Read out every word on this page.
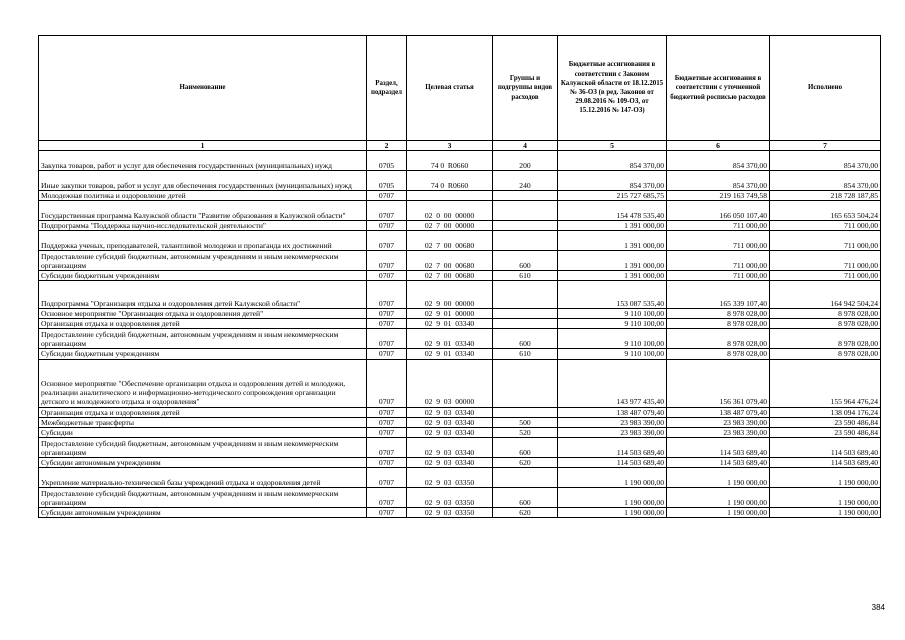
Наименование	Раздел, подраздел	Целевая статья	Группы и подгруппы видов расходов	Бюджетные ассигнования в соответствии с Законом Калужской области от 18.12.2015 № 36-ОЗ (в ред. Законов от 29.08.2016 № 109-ОЗ, от 15.12.2016 № 147-ОЗ)	Бюджетные ассигнования в соответствии с уточненной бюджетной росписью расходов	Исполнено
1	2	3	4	5	6	7
Закупка товаров, работ и услуг для обеспечения государственных (муниципальных) нужд	0705	74 0  R0660	200	854 370,00	854 370,00	854 370,00
Иные закупки товаров, работ и услуг для обеспечения государственных (муниципальных) нужд	0705	74 0  R0660	240	854 370,00	854 370,00	854 370,00
Молодежная политика и оздоровление детей	0707			215 727 685,75	219 163 749,58	218 728 187,85
Государственная программа Калужской области "Развитие образования в Калужской области"	0707	02  0  00  00000		154 478 535,40	166 050 107,40	165 653 504,24
Подпрограмма "Поддержка научно-исследовательской деятельности"	0707	02  7  00  00000		1 391 000,00	711 000,00	711 000,00
Поддержка ученых, преподавателей, талантливой молодежи и пропаганда их достижений	0707	02  7  00  00680		1 391 000,00	711 000,00	711 000,00
Предоставление субсидий бюджетным, автономным учреждениям и иным некоммерческим организациям	0707	02  7  00  00680	600	1 391 000,00	711 000,00	711 000,00
Субсидии бюджетным учреждениям	0707	02  7  00  00680	610	1 391 000,00	711 000,00	711 000,00
Подпрограмма "Организация отдыха и оздоровления детей Калужской области"	0707	02  9  00  00000		153 087 535,40	165 339 107,40	164 942 504,24
Основное мероприятие "Организация отдыха и оздоровления детей"	0707	02  9  01  00000		9 110 100,00	8 978 028,00	8 978 028,00
Организация отдыха и оздоровления детей	0707	02  9  01  03340		9 110 100,00	8 978 028,00	8 978 028,00
Предоставление субсидий бюджетным, автономным учреждениям и иным некоммерческим организациям	0707	02  9  01  03340	600	9 110 100,00	8 978 028,00	8 978 028,00
Субсидии бюджетным учреждениям	0707	02  9  01  03340	610	9 110 100,00	8 978 028,00	8 978 028,00
Основное мероприятие "Обеспечение организации отдыха и оздоровления детей и молодежи, реализации аналитического и информационно-методического сопровождения организации детского и молодежного отдыха и оздоровления"	0707	02  9  03  00000		143 977 435,40	156 361 079,40	155 964 476,24
Организация отдыха и оздоровления детей	0707	02  9  03  03340		138 487 079,40	138 487 079,40	138 094 176,24
Межбюджетные трансферты	0707	02  9  03  03340	500	23 983 390,00	23 983 390,00	23 590 486,84
Субсидии	0707	02  9  03  03340	520	23 983 390,00	23 983 390,00	23 590 486,84
Предоставление субсидий бюджетным, автономным учреждениям и иным некоммерческим организациям	0707	02  9  03  03340	600	114 503 689,40	114 503 689,40	114 503 689,40
Субсидии автономным учреждениям	0707	02  9  03  03340	620	114 503 689,40	114 503 689,40	114 503 689,40
Укрепление материально-технической базы учреждений отдыха и оздоровления детей	0707	02  9  03  03350		1 190 000,00	1 190 000,00	1 190 000,00
Предоставление субсидий бюджетным, автономным учреждениям и иным некоммерческим организациям	0707	02  9  03  03350	600	1 190 000,00	1 190 000,00	1 190 000,00
Субсидии автономным учреждениям	0707	02  9  03  03350	620	1 190 000,00	1 190 000,00	1 190 000,00
384
